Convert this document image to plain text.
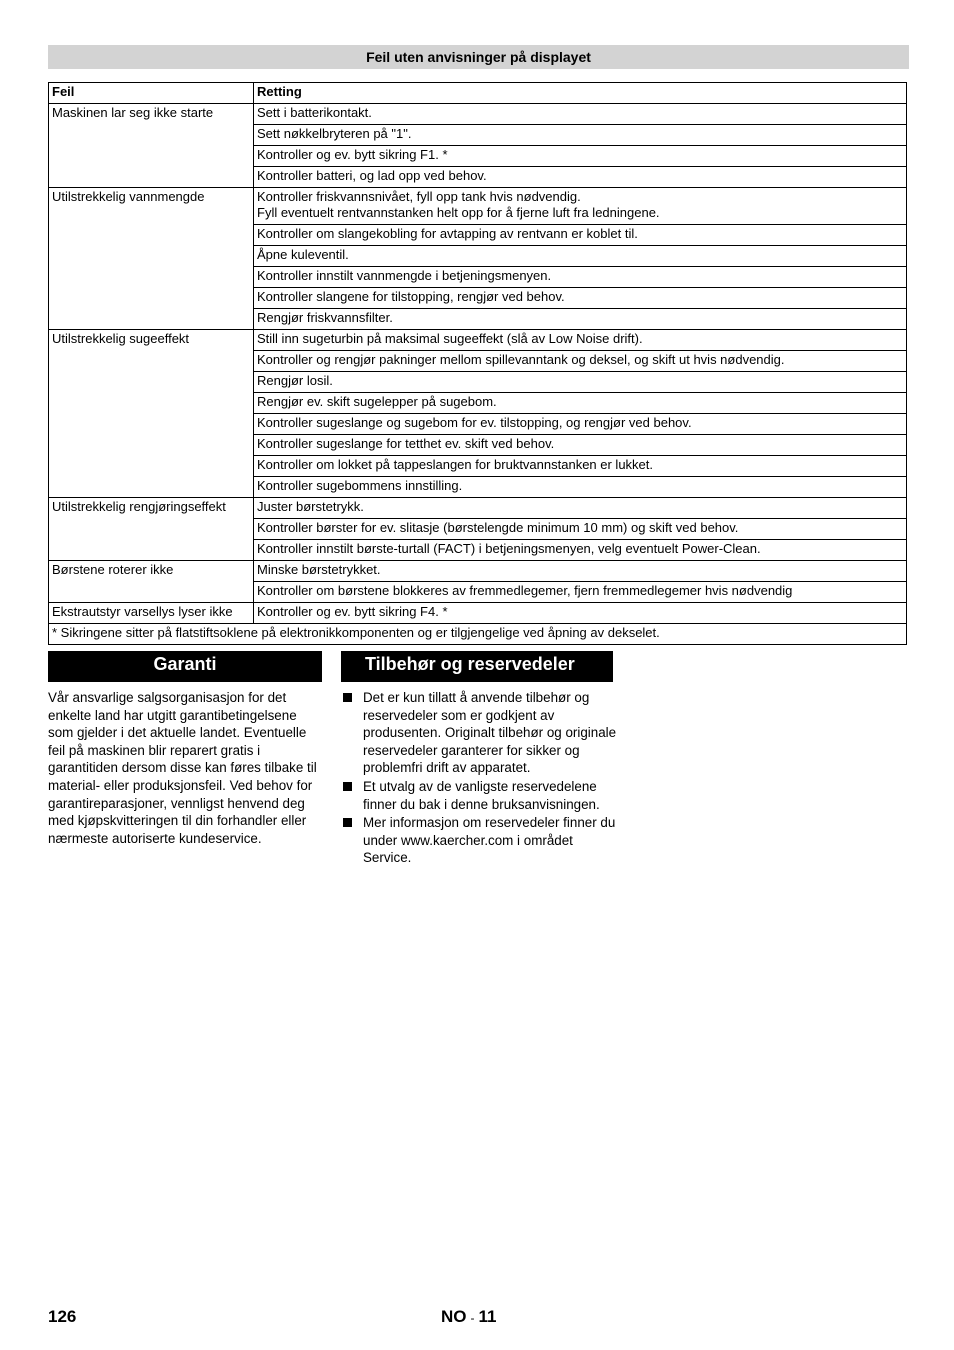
Feil uten anvisninger på displayet
Feil	Retting
Maskinen lar seg ikke starte	Sett i batterikontakt.
	Sett nøkkelbryteren på "1".
	Kontroller og ev. bytt sikring F1. *
	Kontroller batteri, og lad opp ved behov.
Utilstrekkelig vannmengde	Kontroller friskvannsnivået, fyll opp tank hvis nødvendig.
Fyll eventuelt rentvannstanken helt opp for å fjerne luft fra ledningene.
	Kontroller om slangekobling for avtapping av rentvann er koblet til.
	Åpne kuleventil.
	Kontroller innstilt vannmengde i betjeningsmenyen.
	Kontroller slangene for tilstopping, rengjør ved behov.
	Rengjør friskvannsfilter.
Utilstrekkelig sugeeffekt	Still inn sugeturbin på maksimal sugeeffekt (slå av Low Noise drift).
	Kontroller og rengjør pakninger mellom spillevanntank og deksel, og skift ut hvis nødvendig.
	Rengjør losil.
	Rengjør ev. skift sugelepper på sugebom.
	Kontroller sugeslange og sugebom for ev. tilstopping, og rengjør ved behov.
	Kontroller sugeslange for tetthet ev. skift ved behov.
	Kontroller om lokket på tappeslangen for bruktvannstanken er lukket.
	Kontroller sugebommens innstilling.
Utilstrekkelig rengjøringseffekt	Juster børstetrykk.
	Kontroller børster for ev. slitasje (børstelengde minimum 10 mm) og skift ved behov.
	Kontroller innstilt børste-turtall (FACT) i betjeningsmenyen, velg eventuelt Power-Clean.
Børstene roterer ikke	Minske børstetrykket.
	Kontroller om børstene blokkeres av fremmedlegemer, fjern fremmedlegemer hvis nødvendig
Ekstrautstyr varsellys lyser ikke	Kontroller og ev. bytt sikring F4. *
* Sikringene sitter på flatstiftsoklene på elektronikkomponenten og er tilgjengelige ved åpning av dekselet.	
Garanti	Tilbehør og reservedeler
Vår ansvarlige salgsorganisasjon for det enkelte land har utgitt garantibetingelsene som gjelder i det aktuelle landet. Eventuelle feil på maskinen blir reparert gratis i garantitiden dersom disse kan føres tilbake til material- eller produksjonsfeil. Ved behov for garantireparasjoner, vennligst henvend deg med kjøpskvitteringen til din forhandler eller nærmeste autoriserte kundeservice.
Det er kun tillatt å anvende tilbehør og reservedeler som er godkjent av produsenten. Originalt tilbehør og originale reservedeler garanterer for sikker og problemfri drift av apparatet.
Et utvalg av de vanligste reservedelene finner du bak i denne bruksanvisningen.
Mer informasjon om reservedeler finner du under www.kaercher.com i området Service.
126	NO - 11
